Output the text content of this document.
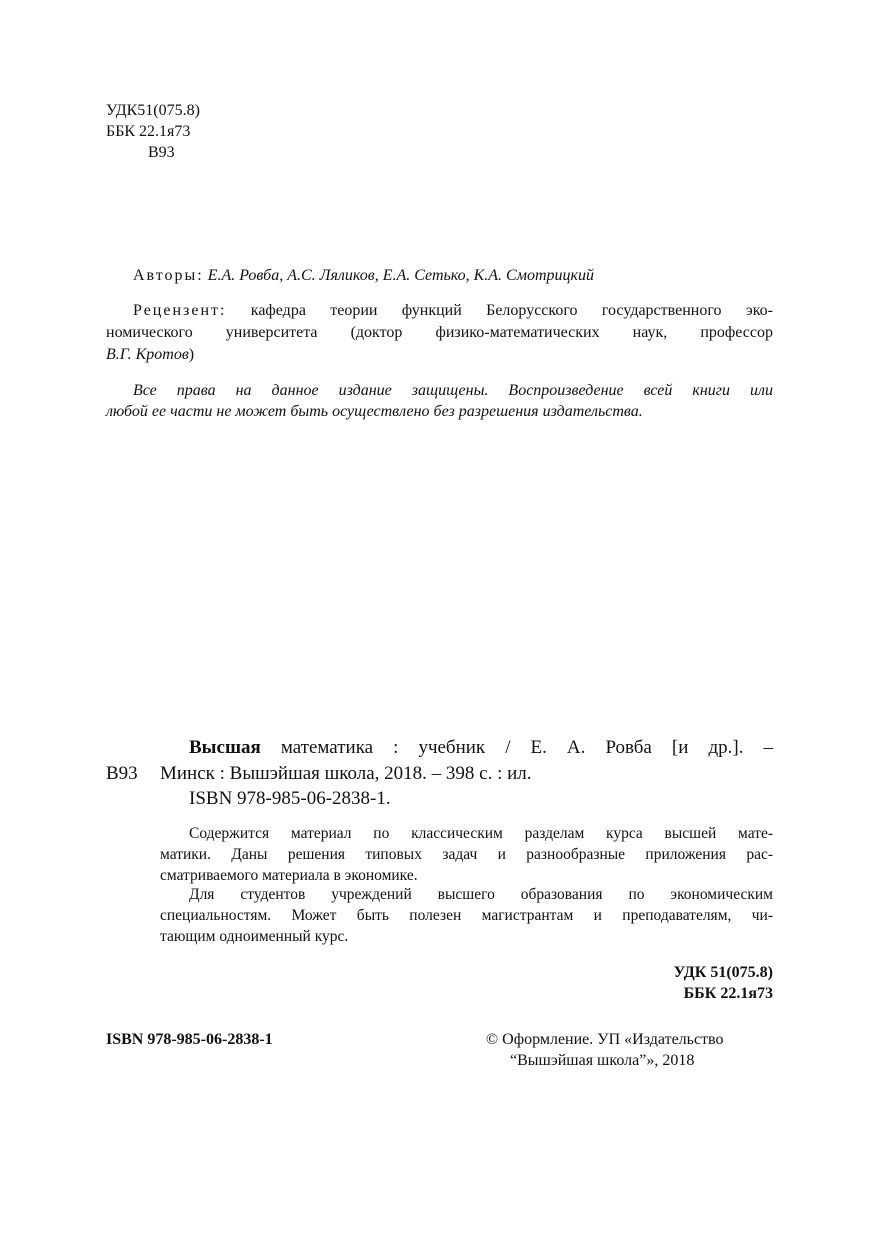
УДК51(075.8)
ББК 22.1я73
В93
Авторы: Е.А. Ровба, А.С. Ляликов, Е.А. Сетько, К.А. Смотрицкий
Рецензент: кафедра теории функций Белорусского государственного эко-
номического университета (доктор физико-математических наук, профессор
В.Г. Кротов)
Все права на данное издание защищены. Воспроизведение всей книги или
любой ее части не может быть осуществлено без разрешения издательства.
Высшая математика : учебник / Е. А. Ровба [и др.]. –
В93 Минск : Вышэйшая школа, 2018. – 398 с. : ил.
ISBN 978-985-06-2838-1.
Содержится материал по классическим разделам курса высшей мате-
матики. Даны решения типовых задач и разнообразные приложения рас-
сматриваемого материала в экономике.
Для студентов учреждений высшего образования по экономическим
специальностям. Может быть полезен магистрантам и преподавателям, чи-
тающим одноименный курс.
УДК 51(075.8)
ББК 22.1я73
ISBN 978-985-06-2838-1	© Оформление. УП «Издательство
“Вышэйшая школа”», 2018
